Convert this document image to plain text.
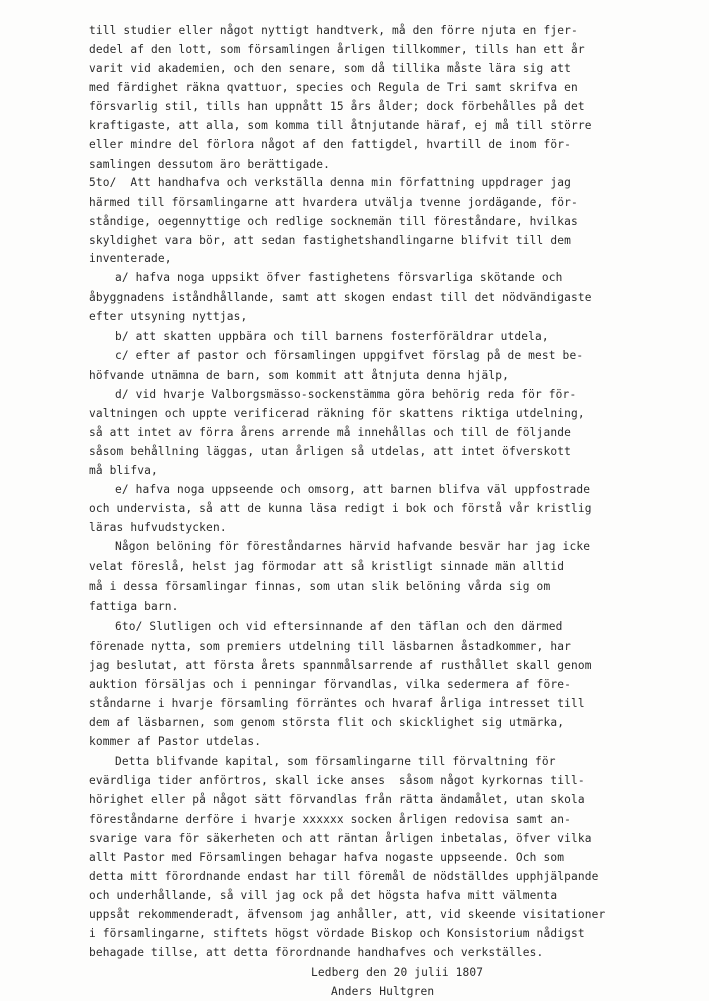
till studier eller något nyttigt handtverk, må den förre njuta en fjer-
dedel af den lott, som församlingen årligen tillkommer, tills han ett år
varit vid akademien, och den senare, som då tillika måste lära sig att
med färdighet räkna qvattuor, species och Regula de Tri samt skrifva en
försvarlig stil, tills han uppnått 15 års ålder; dock förbehålles på det
kraftigaste, att alla, som komma till åtnjutande häraf, ej må till större
eller mindre del förlora något af den fattigdel, hvartill de inom för-
samlingen dessutom äro berättigade.
5to/  Att handhafva och verkställa denna min författning uppdrager jag
härmed till församlingarne att hvardera utvälja tvenne jordägande, för-
ståndige, oegennyttige och redlige socknemän till föreståndare, hvilkas
skyldighet vara bör, att sedan fastighetshandlingarne blifvit till dem
inventerade,
a/ hafva noga uppsikt öfver fastighetens försvarliga skötande och
åbyggnadens iståndhållande, samt att skogen endast till det nödvändigaste
efter utsyning nyttjas,
b/ att skatten uppbära och till barnens fosterföräldrar utdela,
c/ efter af pastor och församlingen uppgifvet förslag på de mest be-
höfvande utnämna de barn, som kommit att åtnjuta denna hjälp,
d/ vid hvarje Valborgsmässo-sockenstämma göra behörig reda för för-
valtningen och uppte verificerad räkning för skattens riktiga utdelning,
så att intet av förra årens arrende må innehållas och till de följande
såsom behållning läggas, utan årligen så utdelas, att intet öfverskott
må blifva,
e/ hafva noga uppseende och omsorg, att barnen blifva väl uppfostrade
och undervista, så att de kunna läsa redigt i bok och förstå vår kristlig
läras hufvudstycken.
Någon belöning för föreståndarnes härvid hafvande besvär har jag icke
velat föreslå, helst jag förmodar att så kristligt sinnade män alltid
må i dessa församlingar finnas, som utan slik belöning vårda sig om
fattiga barn.
6to/ Slutligen och vid eftersinnande af den täflan och den därmed
förenade nytta, som premiers utdelning till läsbarnen åstadkommer, har
jag beslutat, att första årets spannmålsarrende af rusthållet skall genom
auktion försäljas och i penningar förvandlas, vilka sedermera af före-
ståndarne i hvarje församling förräntes och hvaraf årliga intresset till
dem af läsbarnen, som genom största flit och skicklighet sig utmärka,
kommer af Pastor utdelas.
Detta blifvande kapital, som församlingarne till förvaltning för
evärdliga tider anförtros, skall icke anses  såsom något kyrkornas till-
hörighet eller på något sätt förvandlas från rätta ändamålet, utan skola
föreståndarne derföre i hvarje xxxxxx socken årligen redovisa samt an-
svarige vara för säkerheten och att räntan årligen inbetalas, öfver vilka
allt Pastor med Församlingen behagar hafva nogaste uppseende. Och som
detta mitt förordnande endast har till föremål de nödställdes upphjälpande
och underhållande, så vill jag ock på det högsta hafva mitt välmenta
uppsåt rekommenderadt, äfvensom jag anhåller, att, vid skeende visitationer
i församlingarne, stiftets högst vördade Biskop och Konsistorium nådigst
behagade tillse, att detta förordnande handhafves och verkställes.
Ledberg den 20 julii 1807
Anders Hultgren
